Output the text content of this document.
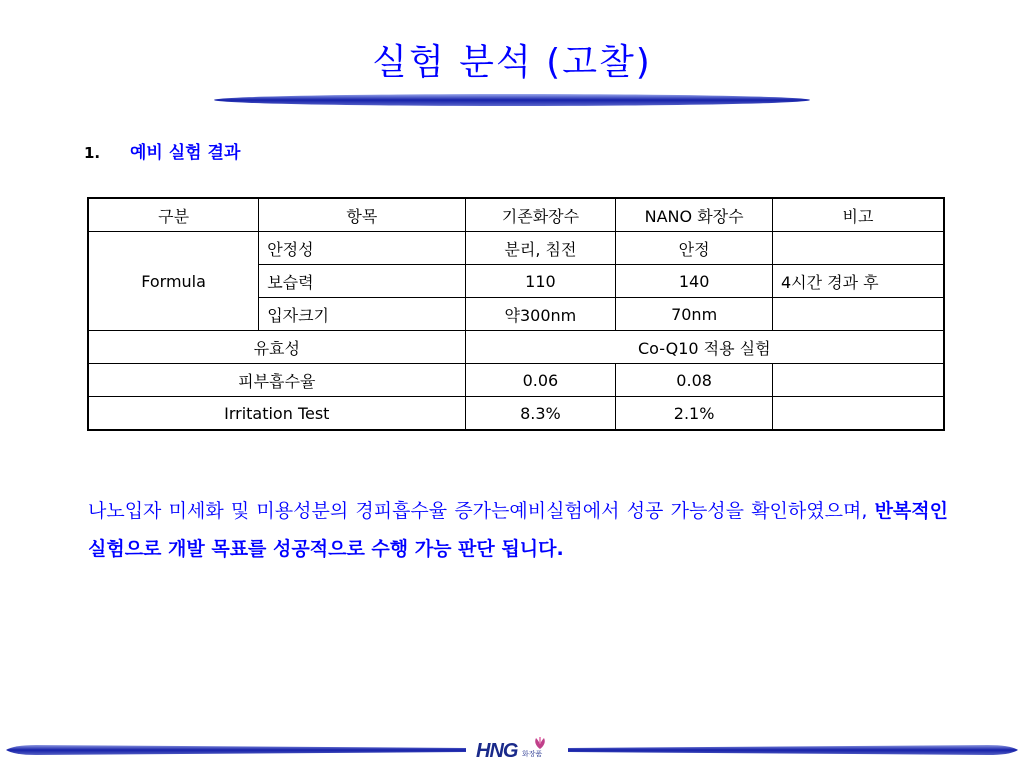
실험 분석 (고찰)
1. 예비 실험 결과
구분	항목	기존화장수	NANO 화장수	비고
Formula	안정성	분리, 침전	안정	
	보습력	110	140	4시간 경과 후
	입자크기	약300nm	70nm	
유효성		Co-Q10 적용 실험		
피부흡수율		0.06	0.08	
Irritation Test		8.3%	2.1%	
나노입자 미세화 및 미용성분의 경피흡수율 증가는예비실험에서 성공 가능성을 확인하였으며, 반복적인 실험으로 개발 목표를 성공적으로 수행 가능 판단 됩니다.
HNG 화장품
